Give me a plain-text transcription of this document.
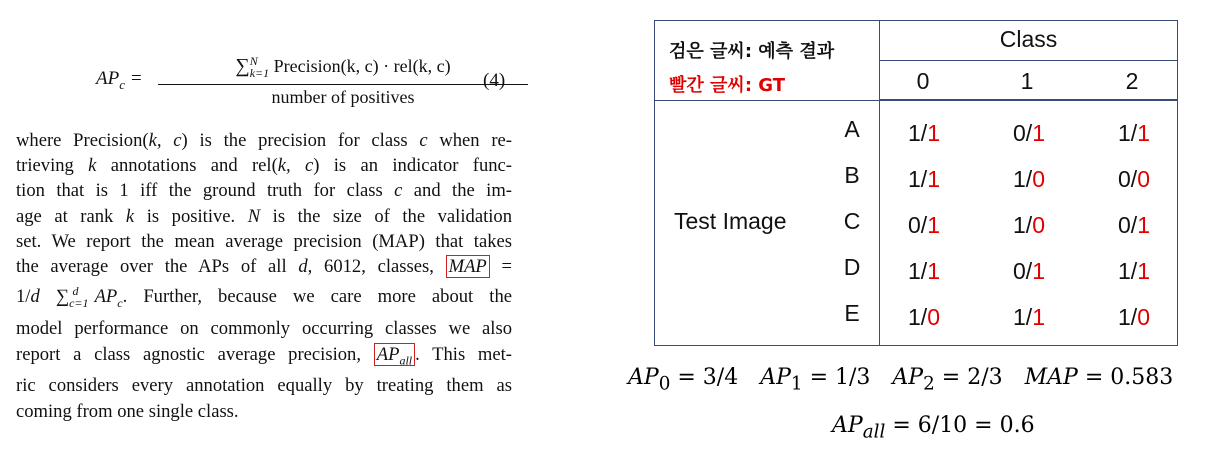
$AP_c$ =
∑$^N_{k=1}$ Precision(k, c) · rel(k, c)
number of positives
(4)
where Precision(k, c) is the precision for class c when re-
trieving k annotations and rel(k, c) is an indicator func-
tion that is 1 iff the ground truth for class c and the im-
age at rank k is positive. N is the size of the validation
set. We report the mean average precision (MAP) that takes
the average over the APs of all d, 6012, classes, MAP =
1/d $\sum_{c=1}^d$ $AP_c$. Further, because we care more about the
model performance on commonly occurring classes we also
report a class agnostic average precision, $AP_{all}$ . This met-
ric considers every annotation equally by treating them as
coming from one single class.
검은 글씨: 예측 결과
빨간 글씨: GT
Class
0	1	2
Test Image
A	1/1	0/1	1/1
B	1/1	1/0	0/0
C	0/1	1/0	0/1
D	1/1	0/1	1/1
E	1/0	1/1	1/0
$AP_0 = 3/4$ $AP_1 = 1/3$ $AP_2 = 2/3$ MAP = 0.583
$AP_{all} = 6/10 = 0.6$
